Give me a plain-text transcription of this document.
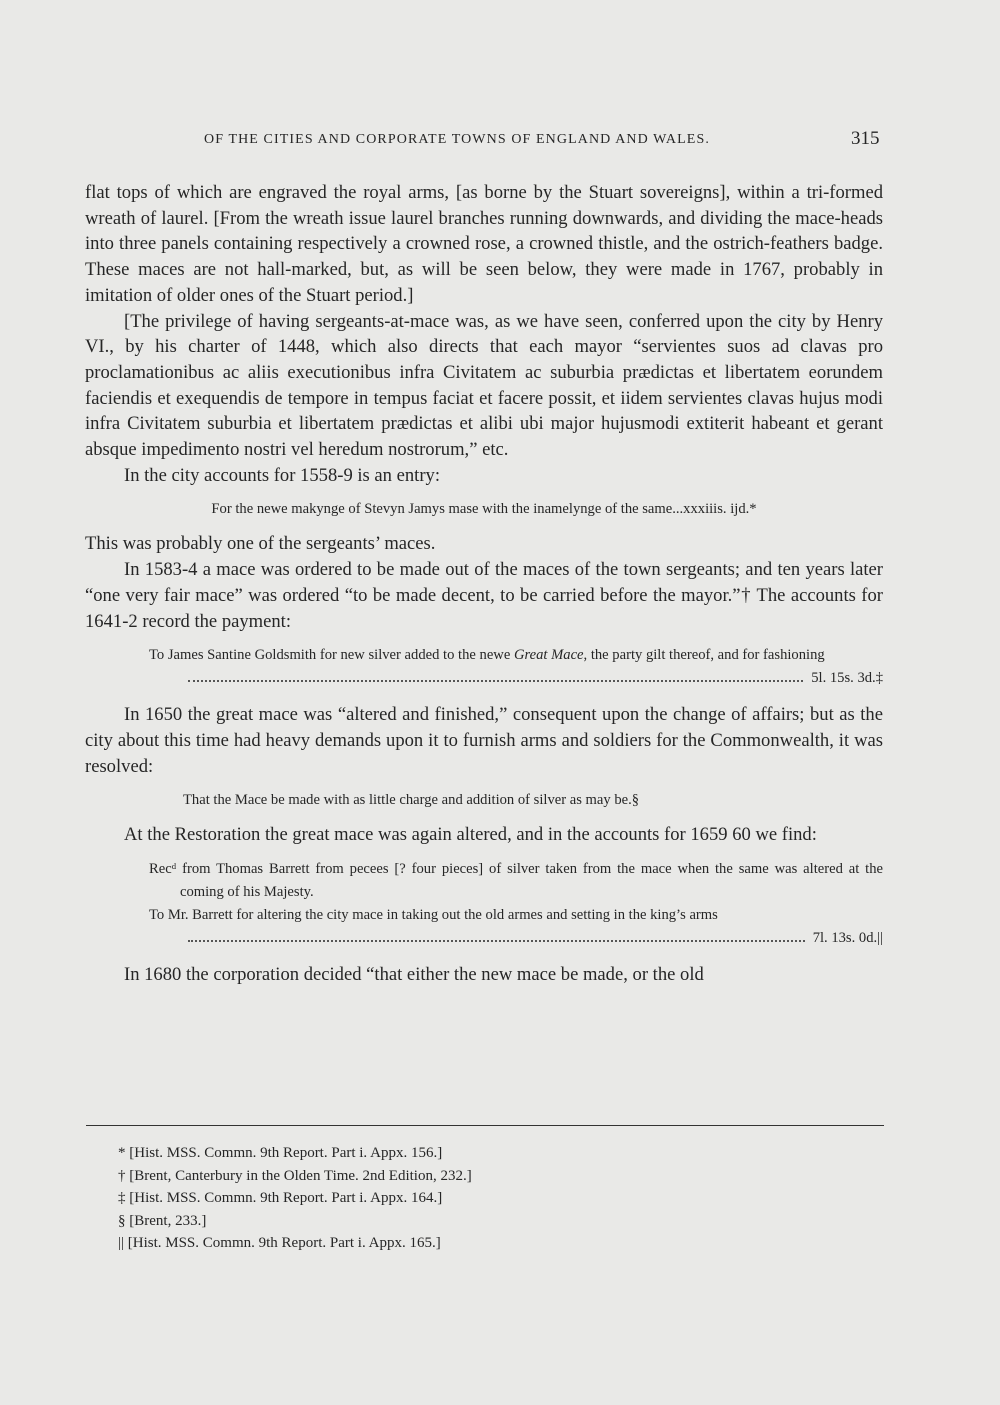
OF THE CITIES AND CORPORATE TOWNS OF ENGLAND AND WALES.	315

flat tops of which are engraved the royal arms, [as borne by the Stuart sovereigns], within a tri-formed wreath of laurel. [From the wreath issue laurel branches running downwards, and dividing the mace-heads into three panels containing respectively a crowned rose, a crowned thistle, and the ostrich-feathers badge. These maces are not hall-marked, but, as will be seen below, they were made in 1767, probably in imitation of older ones of the Stuart period.]

[The privilege of having sergeants-at-mace was, as we have seen, conferred upon the city by Henry VI., by his charter of 1448, which also directs that each mayor “servientes suos ad clavas pro proclamationibus ac aliis executionibus infra Civitatem ac suburbia prædictas et libertatem eorundem faciendis et exequendis de tempore in tempus faciat et facere possit, et iidem servientes clavas hujus modi infra Civitatem suburbia et libertatem prædictas et alibi ubi major hujusmodi extiterit habeant et gerant absque impedimento nostri vel heredum nostrorum,” etc.

In the city accounts for 1558-9 is an entry:

For the newe makynge of Stevyn Jamys mase with the inamelynge of the same...xxxiiis. ijd.*

This was probably one of the sergeants’ maces.

In 1583-4 a mace was ordered to be made out of the maces of the town sergeants; and ten years later “one very fair mace” was ordered “to be made decent, to be carried before the mayor.”† The accounts for 1641-2 record the payment:

To James Santine Goldsmith for new silver added to the newe Great Mace, the party gilt thereof, and for fashioning

5l. 15s. 3d.‡

In 1650 the great mace was “altered and finished,” consequent upon the change of affairs; but as the city about this time had heavy demands upon it to furnish arms and soldiers for the Commonwealth, it was resolved:

That the Mace be made with as little charge and addition of silver as may be.§

At the Restoration the great mace was again altered, and in the accounts for 1659 60 we find:

Recᵈ from Thomas Barrett from pecees [? four pieces] of silver taken from the mace when the same was altered at the coming of his Majesty.

To Mr. Barrett for altering the city mace in taking out the old armes and setting in the king’s arms

7l. 13s. 0d.||

In 1680 the corporation decided “that either the new mace be made, or the old

* [Hist. MSS. Commn. 9th Report. Part i. Appx. 156.]

† [Brent, Canterbury in the Olden Time. 2nd Edition, 232.]

‡ [Hist. MSS. Commn. 9th Report. Part i. Appx. 164.]

§ [Brent, 233.]

|| [Hist. MSS. Commn. 9th Report. Part i. Appx. 165.]
